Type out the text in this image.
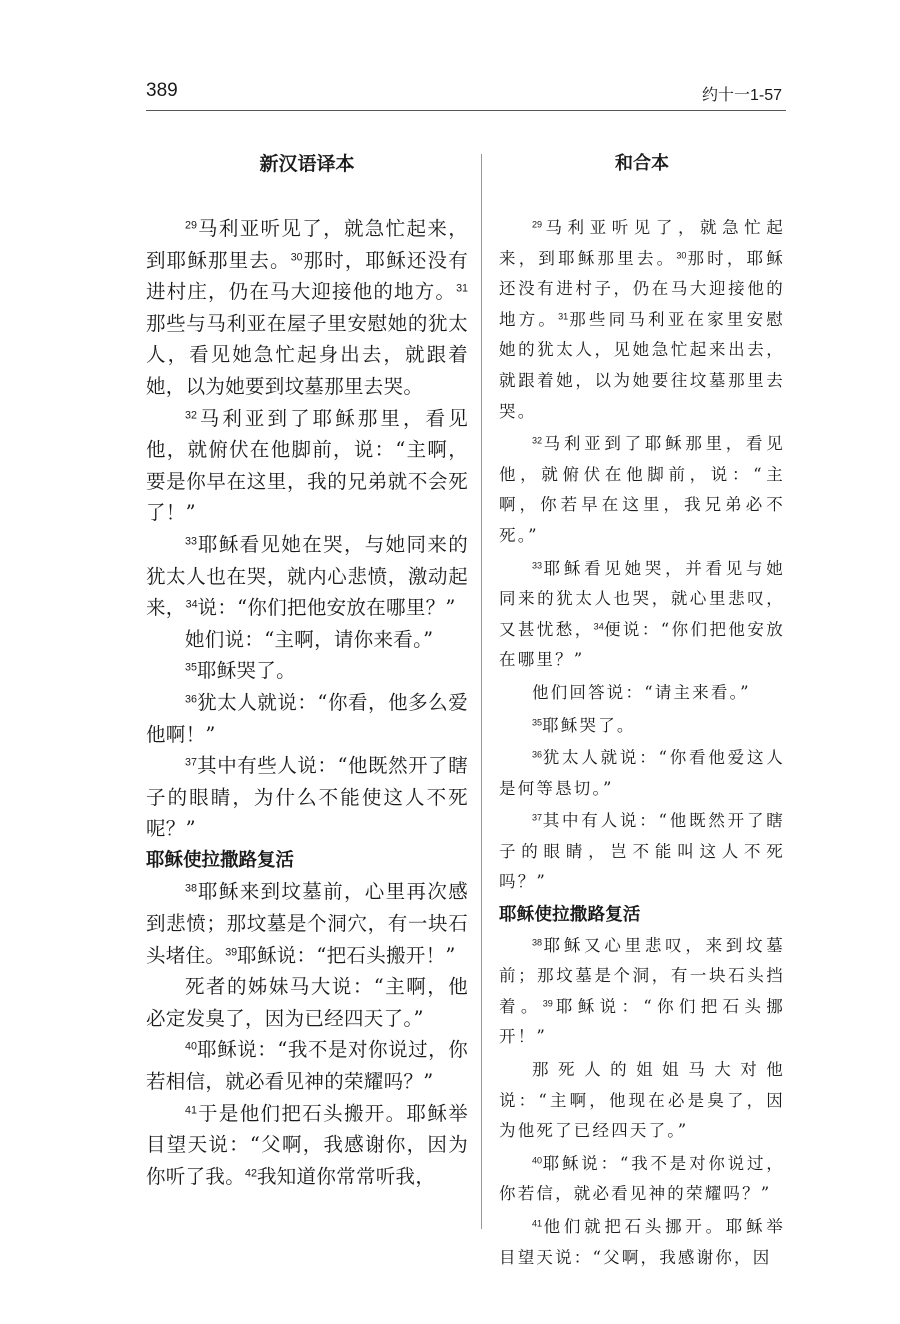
389	约十一1-57
新汉语译本

$^{29}$马利亚听见了，就急忙起来，到耶稣那里去。$^{30}$那时，耶稣还没有进村庄，仍在马大迎接他的地方。$^{31}$那些与马利亚在屋子里安慰她的犹太人，看见她急忙起身出去，就跟着她，以为她要到坟墓那里去哭。

$^{32}$马利亚到了耶稣那里，看见他，就俯伏在他脚前，说：“主啊，要是你早在这里，我的兄弟就不会死了！”

$^{33}$耶稣看见她在哭，与她同来的犹太人也在哭，就内心悲愤，激动起来，$^{34}$说：“你们把他安放在哪里？”

她们说：“主啊，请你来看。”

$^{35}$耶稣哭了。

$^{36}$犹太人就说：“你看，他多么爱他啊！”

$^{37}$其中有些人说：“他既然开了瞎子的眼睛，为什么不能使这人不死呢？”

耶稣使拉撒路复活

$^{38}$耶稣来到坟墓前，心里再次感到悲愤；那坟墓是个洞穴，有一块石头堵住。$^{39}$耶稣说：“把石头搬开！”

死者的姊妹马大说：“主啊，他必定发臭了，因为已经四天了。”

$^{40}$耶稣说：“我不是对你说过，你若相信，就必看见神的荣耀吗？”

$^{41}$于是他们把石头搬开。耶稣举目望天说：“父啊，我感谢你，因为你听了我。$^{42}$我知道你常常听我，

和合本

$^{29}$马利亚听见了，就急忙起来，到耶稣那里去。$^{30}$那时，耶稣还没有进村子，仍在马大迎接他的地方。$^{31}$那些同马利亚在家里安慰她的犹太人，见她急忙起来出去，就跟着她，以为她要往坟墓那里去哭。

$^{32}$马利亚到了耶稣那里，看见他，就俯伏在他脚前，说：“主啊，你若早在这里，我兄弟必不死。”

$^{33}$耶稣看见她哭，并看见与她同来的犹太人也哭，就心里悲叹，又甚忧愁，$^{34}$便说：“你们把他安放在哪里？”

他们回答说：“请主来看。”

$^{35}$耶稣哭了。

$^{36}$犹太人就说：“你看他爱这人是何等恳切。”

$^{37}$其中有人说：“他既然开了瞎子的眼睛，岂不能叫这人不死吗？”

耶稣使拉撒路复活

$^{38}$耶稣又心里悲叹，来到坟墓前；那坟墓是个洞，有一块石头挡着。$^{39}$耶稣说：“你们把石头挪开！”

那死人的姐姐马大对他说：“主啊，他现在必是臭了，因为他死了已经四天了。”

$^{40}$耶稣说：“我不是对你说过，你若信，就必看见神的荣耀吗？”

$^{41}$他们就把石头挪开。耶稣举目望天说：“父啊，我感谢你，因
